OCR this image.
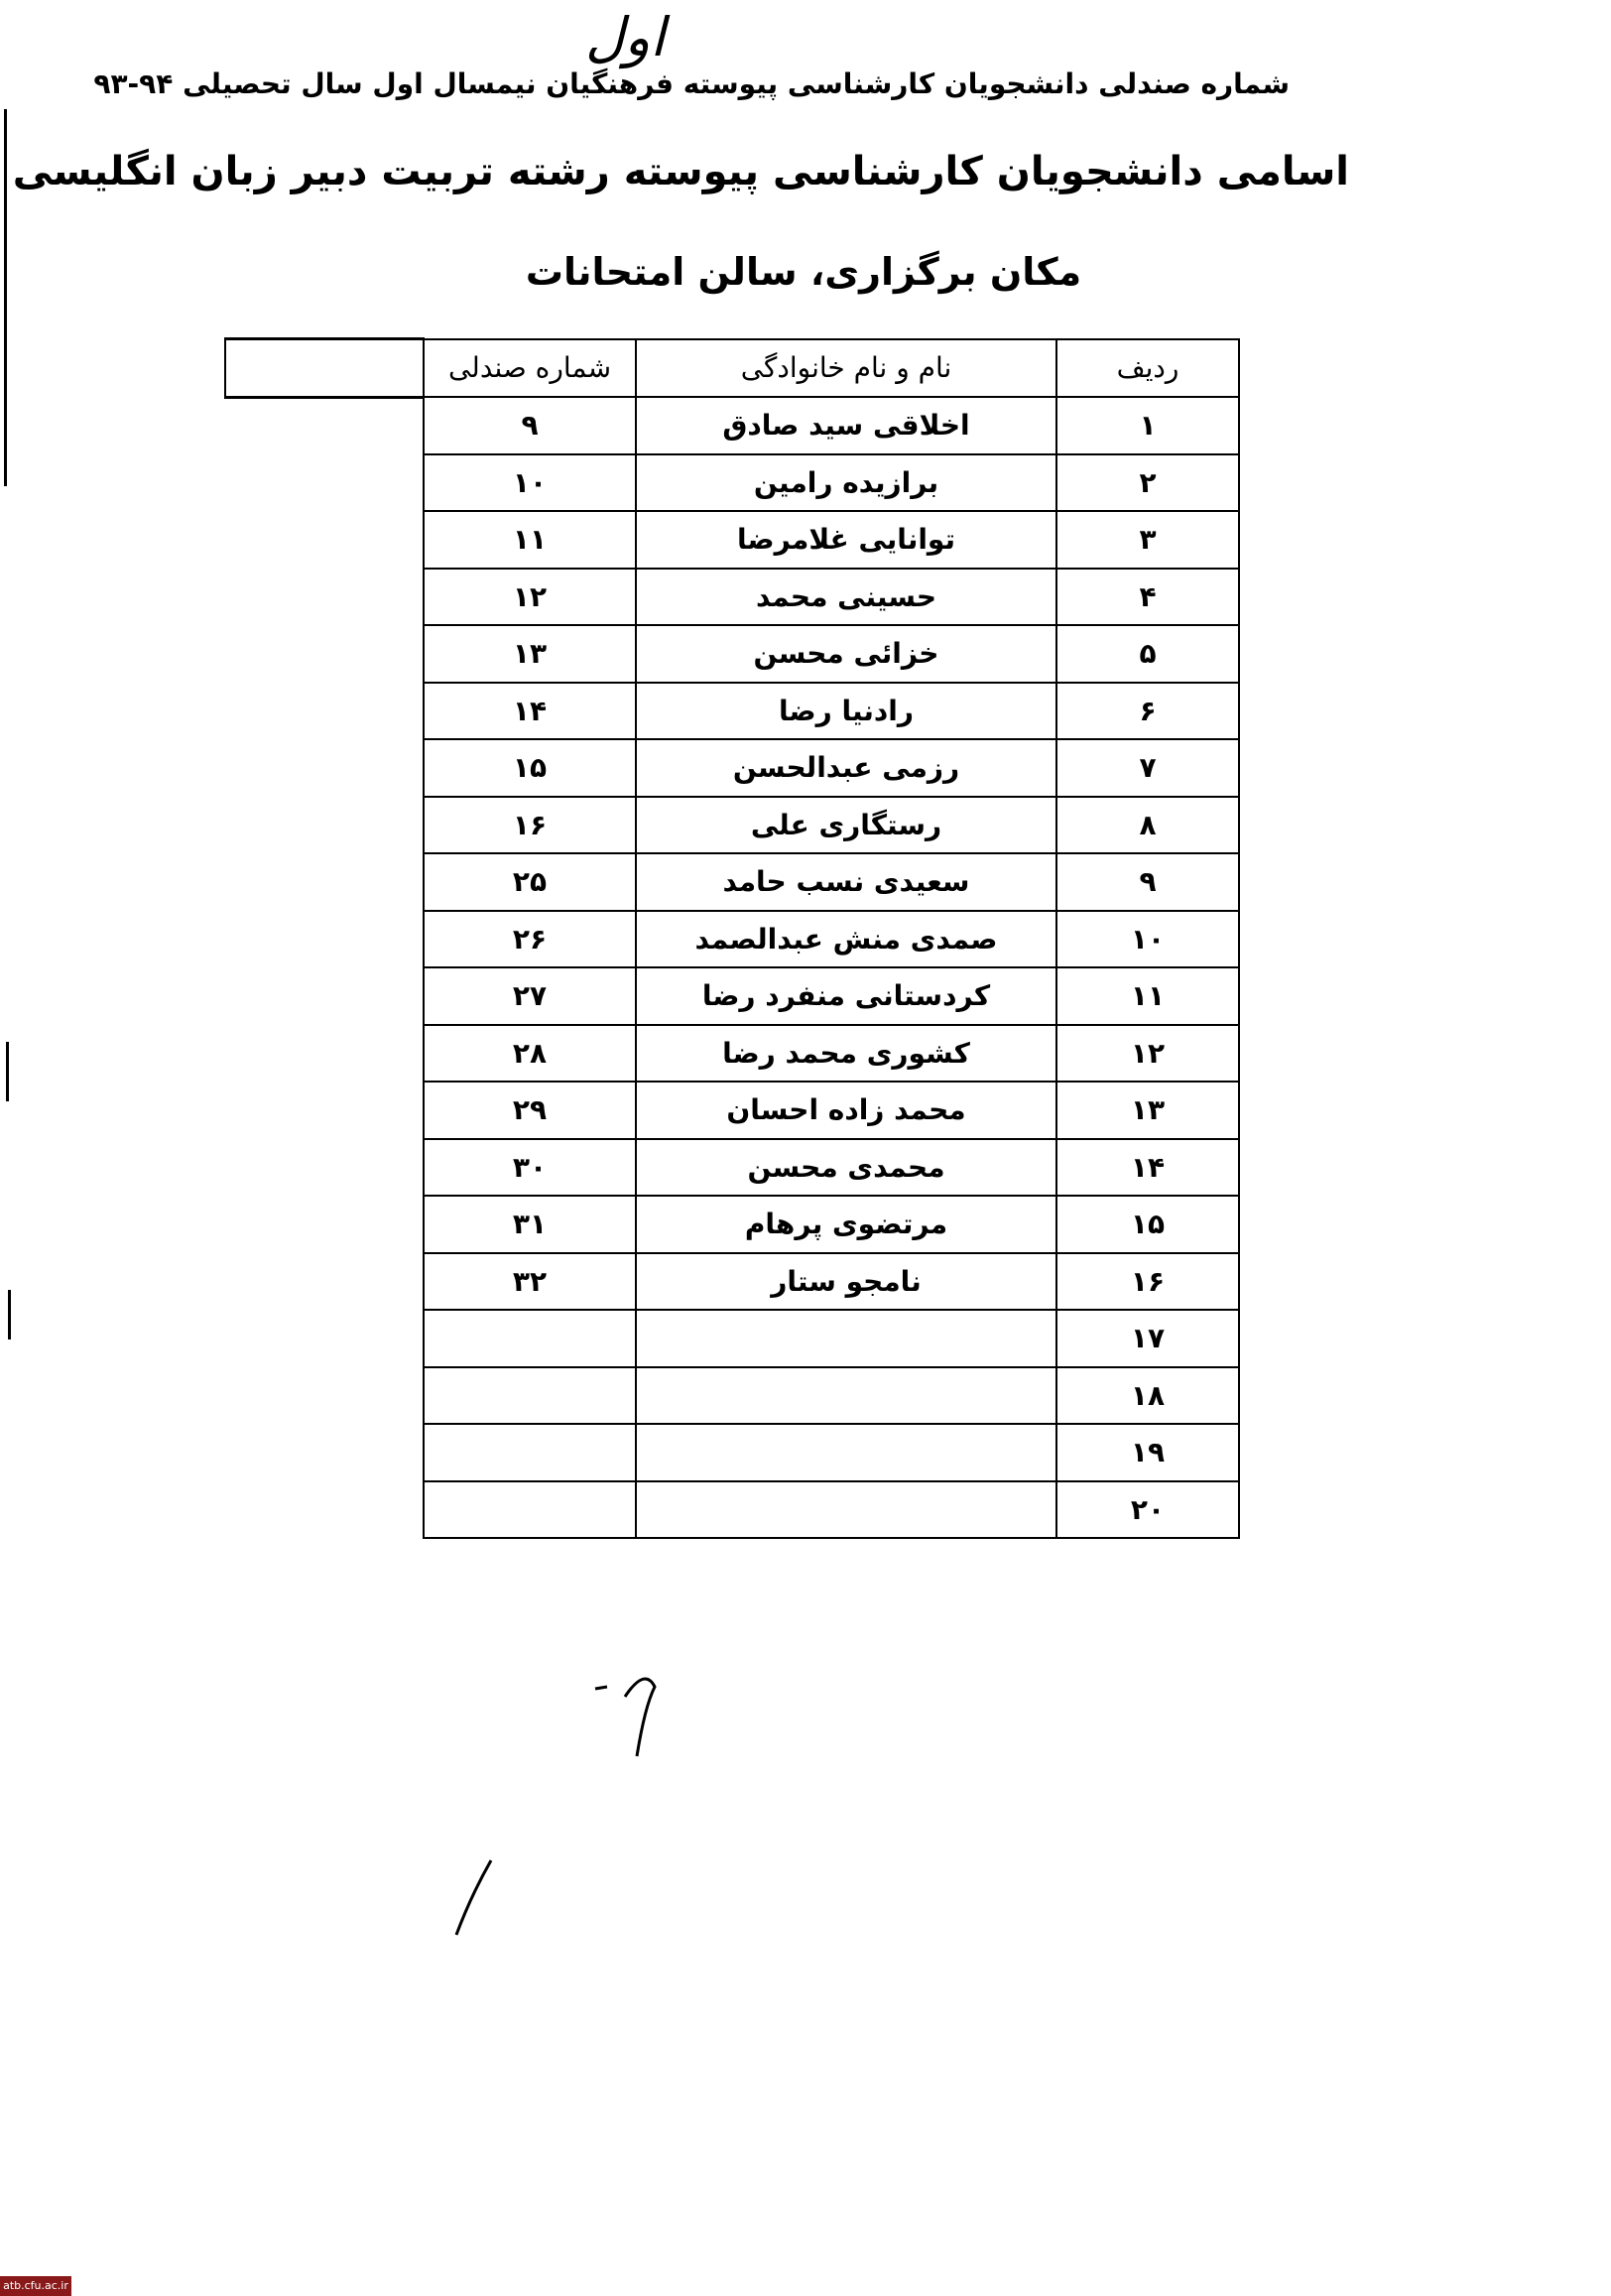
اول
شماره صندلی دانشجویان کارشناسی پیوسته فرهنگیان نیمسال اول سال تحصیلی ۹۴-۹۳
اسامی دانشجویان کارشناسی پیوسته رشته تربیت دبیر زبان انگلیسی
مکان برگزاری، سالن امتحانات
ردیف	نام و نام خانوادگی	شماره صندلی	
۱	اخلاقی سید صادق	۹	
۲	برازیده رامین	۱۰	
۳	توانایی غلامرضا	۱۱	
۴	حسینی محمد	۱۲	
۵	خزائی محسن	۱۳	
۶	رادنیا رضا	۱۴	
۷	رزمی عبدالحسن	۱۵	
۸	رستگاری علی	۱۶	
۹	سعیدی نسب حامد	۲۵	
۱۰	صمدی منش عبدالصمد	۲۶	
۱۱	کردستانی منفرد رضا	۲۷	
۱۲	کشوری محمد رضا	۲۸	
۱۳	محمد زاده احسان	۲۹	
۱۴	محمدی محسن	۳۰	
۱۵	مرتضوی پرهام	۳۱	
۱۶	نامجو ستار	۳۲	
۱۷			
۱۸			
۱۹			
۲۰			
atb.cfu.ac.ir
